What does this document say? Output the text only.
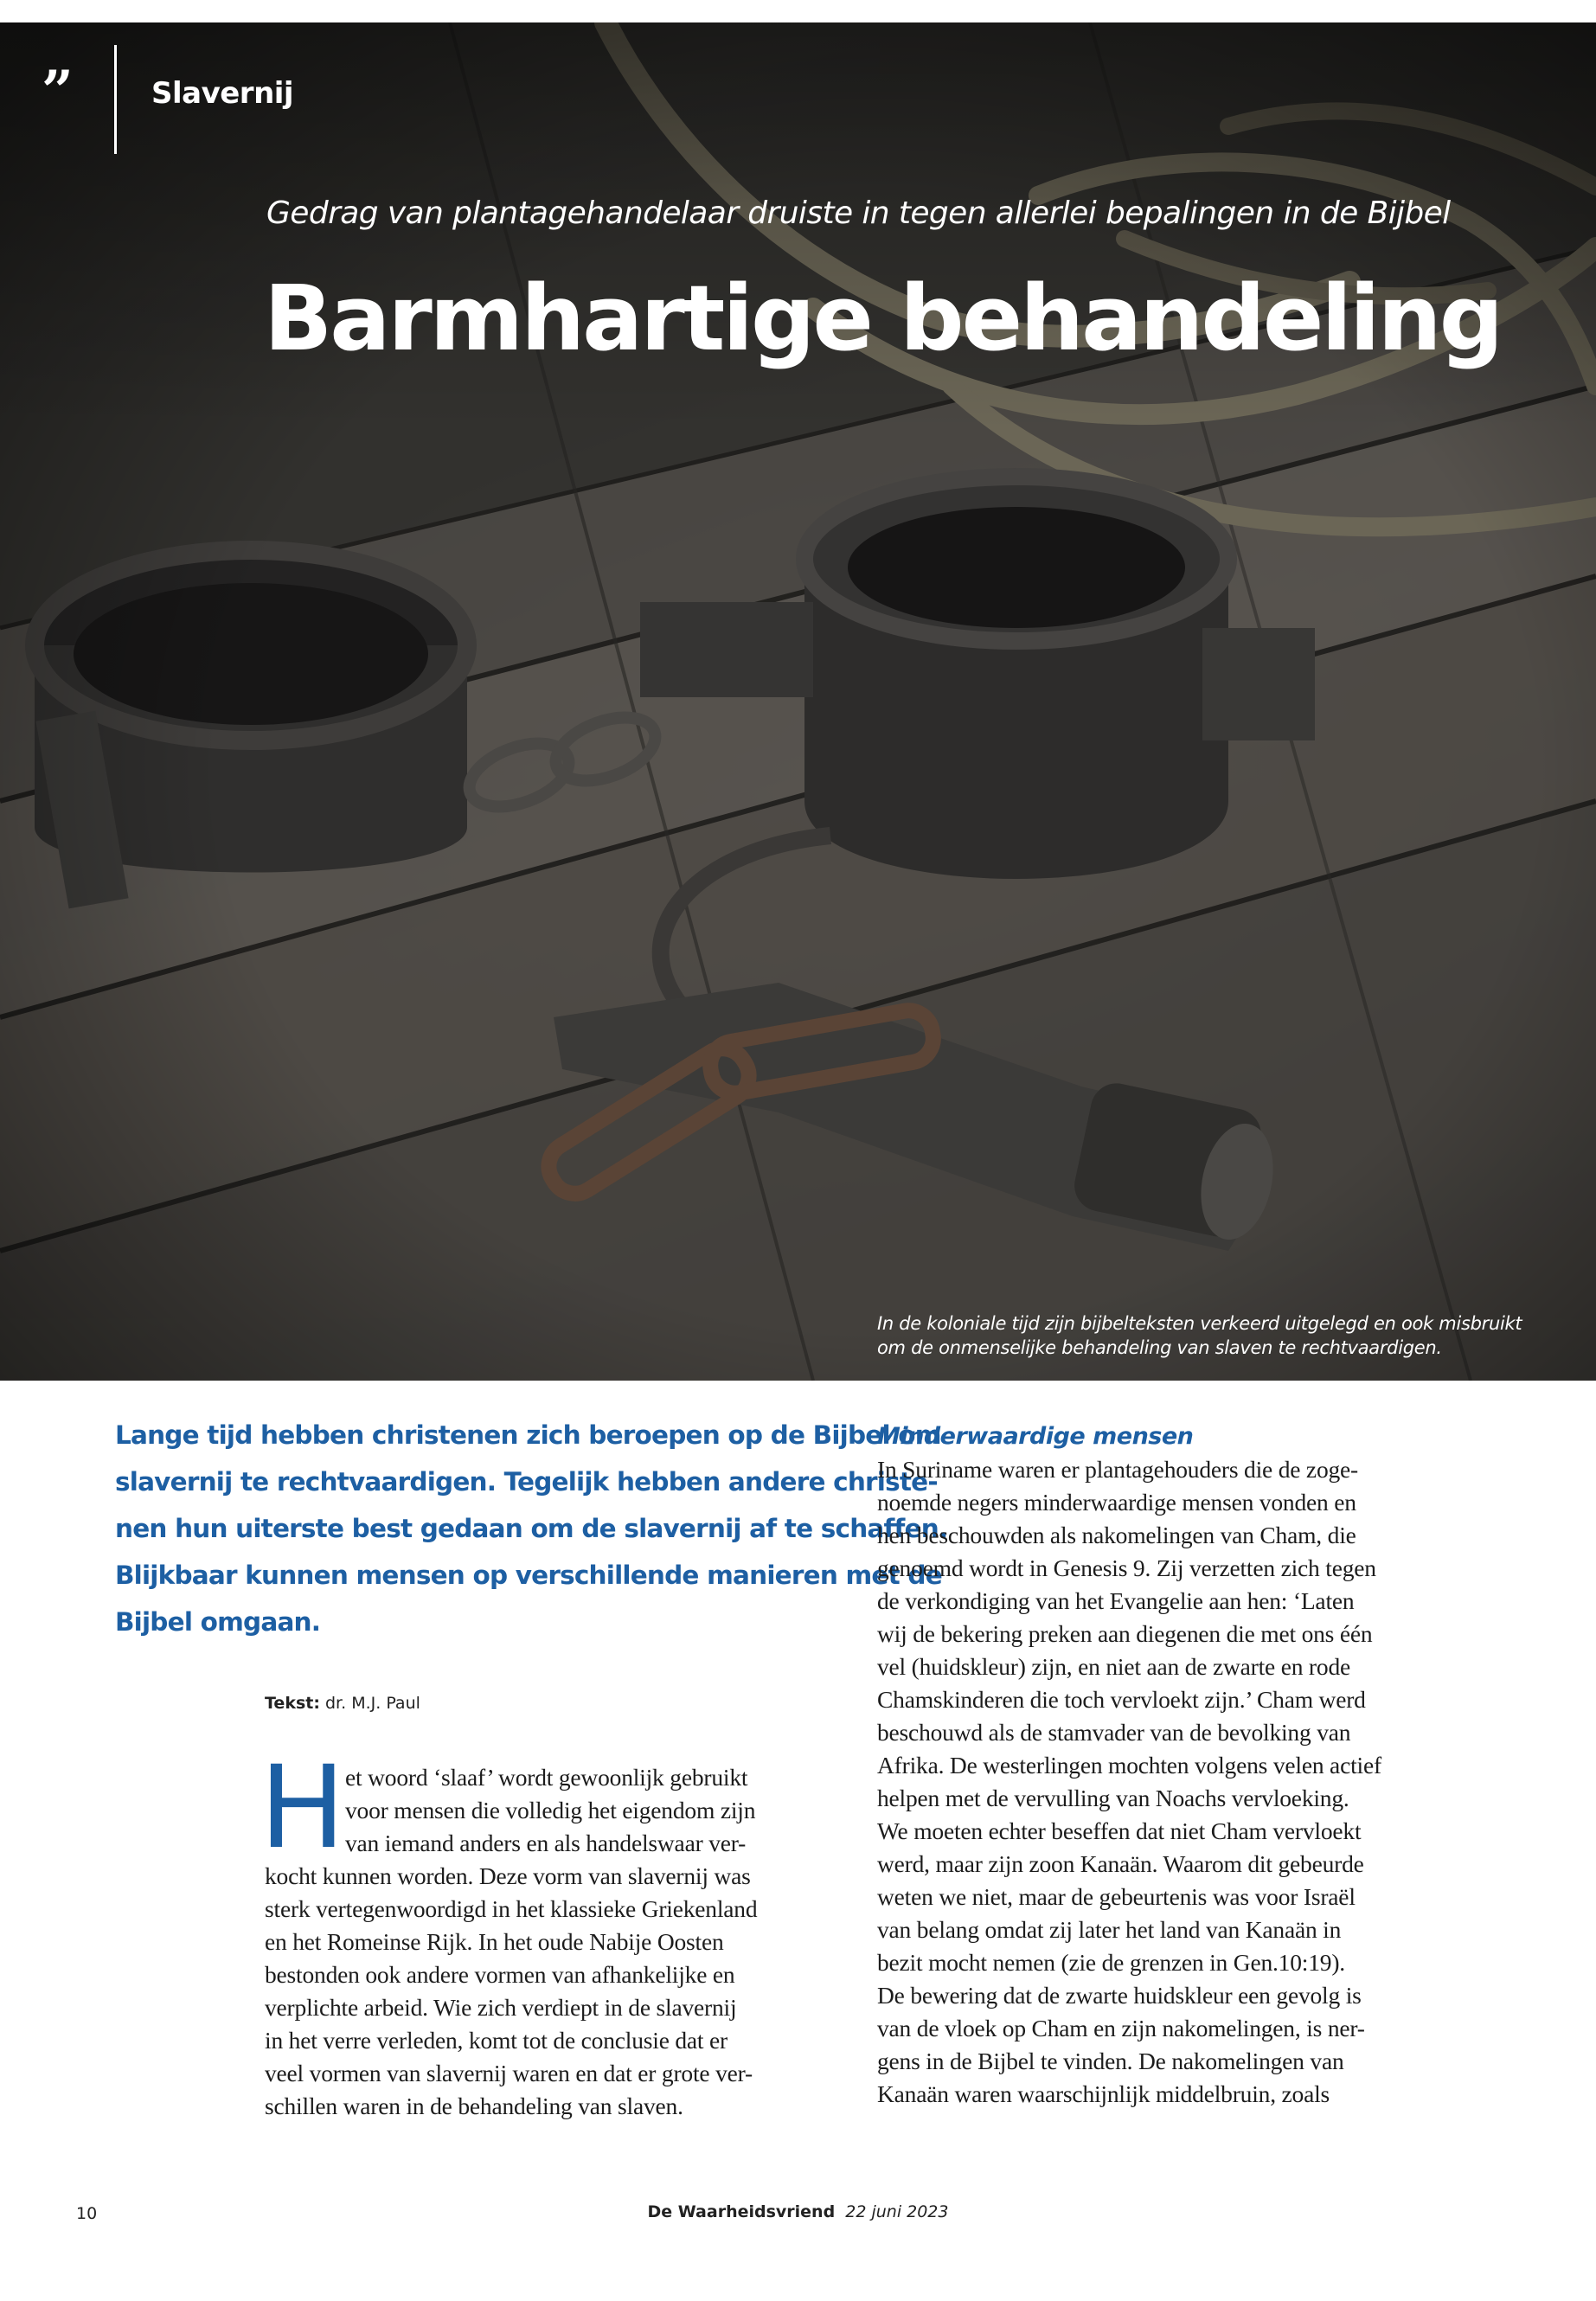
”	Slavernij
Gedrag van plantagehandelaar druiste in tegen allerlei bepalingen in de Bijbel
Barmhartige behandeling
In de koloniale tijd zijn bijbelteksten verkeerd uitgelegd en ook misbruikt
om de onmenselijke behandeling van slaven te rechtvaardigen.

Lange tijd hebben christenen zich beroepen op de Bijbel om

slavernij te rechtvaardigen. Tegelijk hebben andere christe-

nen hun uiterste best gedaan om de slavernij af te schaffen.

Blijkbaar kunnen mensen op verschillende manieren met de

Bijbel omgaan.

Tekst: dr. M.J. Paul
H et woord ‘slaaf’ wordt gewoonlijk gebruikt
voor mensen die volledig het eigendom zijn
van iemand anders en als handelswaar ver-
kocht kunnen worden. Deze vorm van slavernij was
sterk vertegenwoordigd in het klassieke Griekenland
en het Romeinse Rijk. In het oude Nabije Oosten
bestonden ook andere vormen van afhankelijke en
verplichte arbeid. Wie zich verdiept in de slavernij
in het verre verleden, komt tot de conclusie dat er
veel vormen van slavernij waren en dat er grote ver-
schillen waren in de behandeling van slaven.
Minderwaardige mensen
In Suriname waren er plantagehouders die de zoge-
noemde negers minderwaardige mensen vonden en
hen beschouwden als nakomelingen van Cham, die
genoemd wordt in Genesis 9. Zij verzetten zich tegen
de verkondiging van het Evangelie aan hen: ‘Laten
wij de bekering preken aan diegenen die met ons één
vel (huidskleur) zijn, en niet aan de zwarte en rode
Chamskinderen die toch vervloekt zijn.’ Cham werd
beschouwd als de stamvader van de bevolking van
Afrika. De westerlingen mochten volgens velen actief
helpen met de vervulling van Noachs vervloeking.
We moeten echter beseffen dat niet Cham vervloekt
werd, maar zijn zoon Kanaän. Waarom dit gebeurde
weten we niet, maar de gebeurtenis was voor Israël
van belang omdat zij later het land van Kanaän in
bezit mocht nemen (zie de grenzen in Gen.10:19).
De bewering dat de zwarte huidskleur een gevolg is
van de vloek op Cham en zijn nakomelingen, is ner-
gens in de Bijbel te vinden. De nakomelingen van
Kanaän waren waarschijnlijk middelbruin, zoals
10	De Waarheidsvriend 22 juni 2023
